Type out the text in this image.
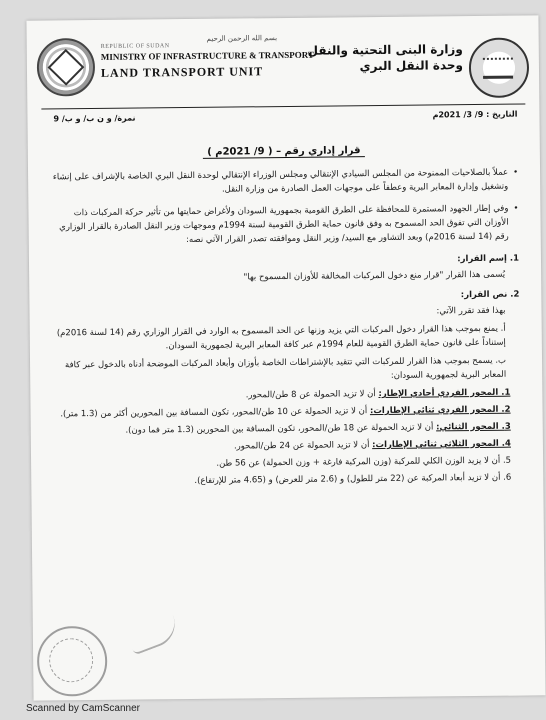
REPUBLIC OF SUDAN
MINISTRY OF INFRASTRUCTURE & TRANSPORT
LAND TRANSPORT UNIT
بسم الله الرحمن الرحيم
وزارة البنى التحتية والنقل
وحدة النقل البري
التاريخ : 9/ 3/ 2021م
نمرة/ و ن ب/ و ب/ 9
قرار إداري رقم – ( 9/ 2021م )
• عملاً بالصلاحيات الممنوحة من المجلس السيادي الإنتقالي ومجلس الوزراء الإنتقالي لوحدة النقل البري الخاصة بالإشراف على إنشاء وتشغيل وإدارة المعابر البرية وعطفاً على موجهات العمل الصادرة من وزارة النقل.
• وفي إطار الجهود المستمرة للمحافظة على الطرق القومية بجمهورية السودان ولأغراض حمايتها من تأثير حركة المركبات ذات الأوزان التي تفوق الحد المسموح به وفق قانون حماية الطرق القومية لسنة 1994م وموجهات وزير النقل الصادرة بالقرار الوزاري رقم (14 لسنة 2016م) وبعد التشاور مع السيد/ وزير النقل وموافقته تصدر القرار الآتي نصه:
1. إسم القرار:
يُسمى هذا القرار "قرار منع دخول المركبات المخالفة للأوزان المسموح بها"
2. نص القرار:
بهذا فقد تقرر الآتي:
أ. يمنع بموجب هذا القرار دخول المركبات التي يزيد وزنها عن الحد المسموح به الوارد في القرار الوزاري رقم (14 لسنة 2016م) إستناداً على قانون حماية الطرق القومية للعام 1994م عبر كافة المعابر البرية لجمهورية السودان.
ب. يسمح بموجب هذا القرار للمركبات التي تتقيد بالإشتراطات الخاصة بأوزان وأبعاد المركبات الموضحة أدناه بالدخول عبر كافة المعابر البرية لجمهورية السودان:
1. المحور الفردي أحادي الإطار: أن لا تزيد الحمولة عن 8 طن/المحور.
2. المحور الفردي ثنائي الإطارات: أن لا تزيد الحمولة عن 10 طن/المحور، تكون المسافة بين المحورين أكثر من (1.3 متر).
3. المحور الثنائي: أن لا تزيد الحمولة عن 18 طن/المحور، تكون المسافة بين المحورين (1.3 متر فما دون).
4. المحور الثلاثي ثنائي الإطارات: أن لا تزيد الحمولة عن 24 طن/المحور.
5. أن لا يزيد الوزن الكلي للمركبة (وزن المركبة فارغة + وزن الحمولة) عن 56 طن.
6. أن لا تزيد أبعاد المركبة عن (22 متر للطول) و (2.6 متر للعرض) و (4.65 متر للإرتفاع).
Scanned by CamScanner
